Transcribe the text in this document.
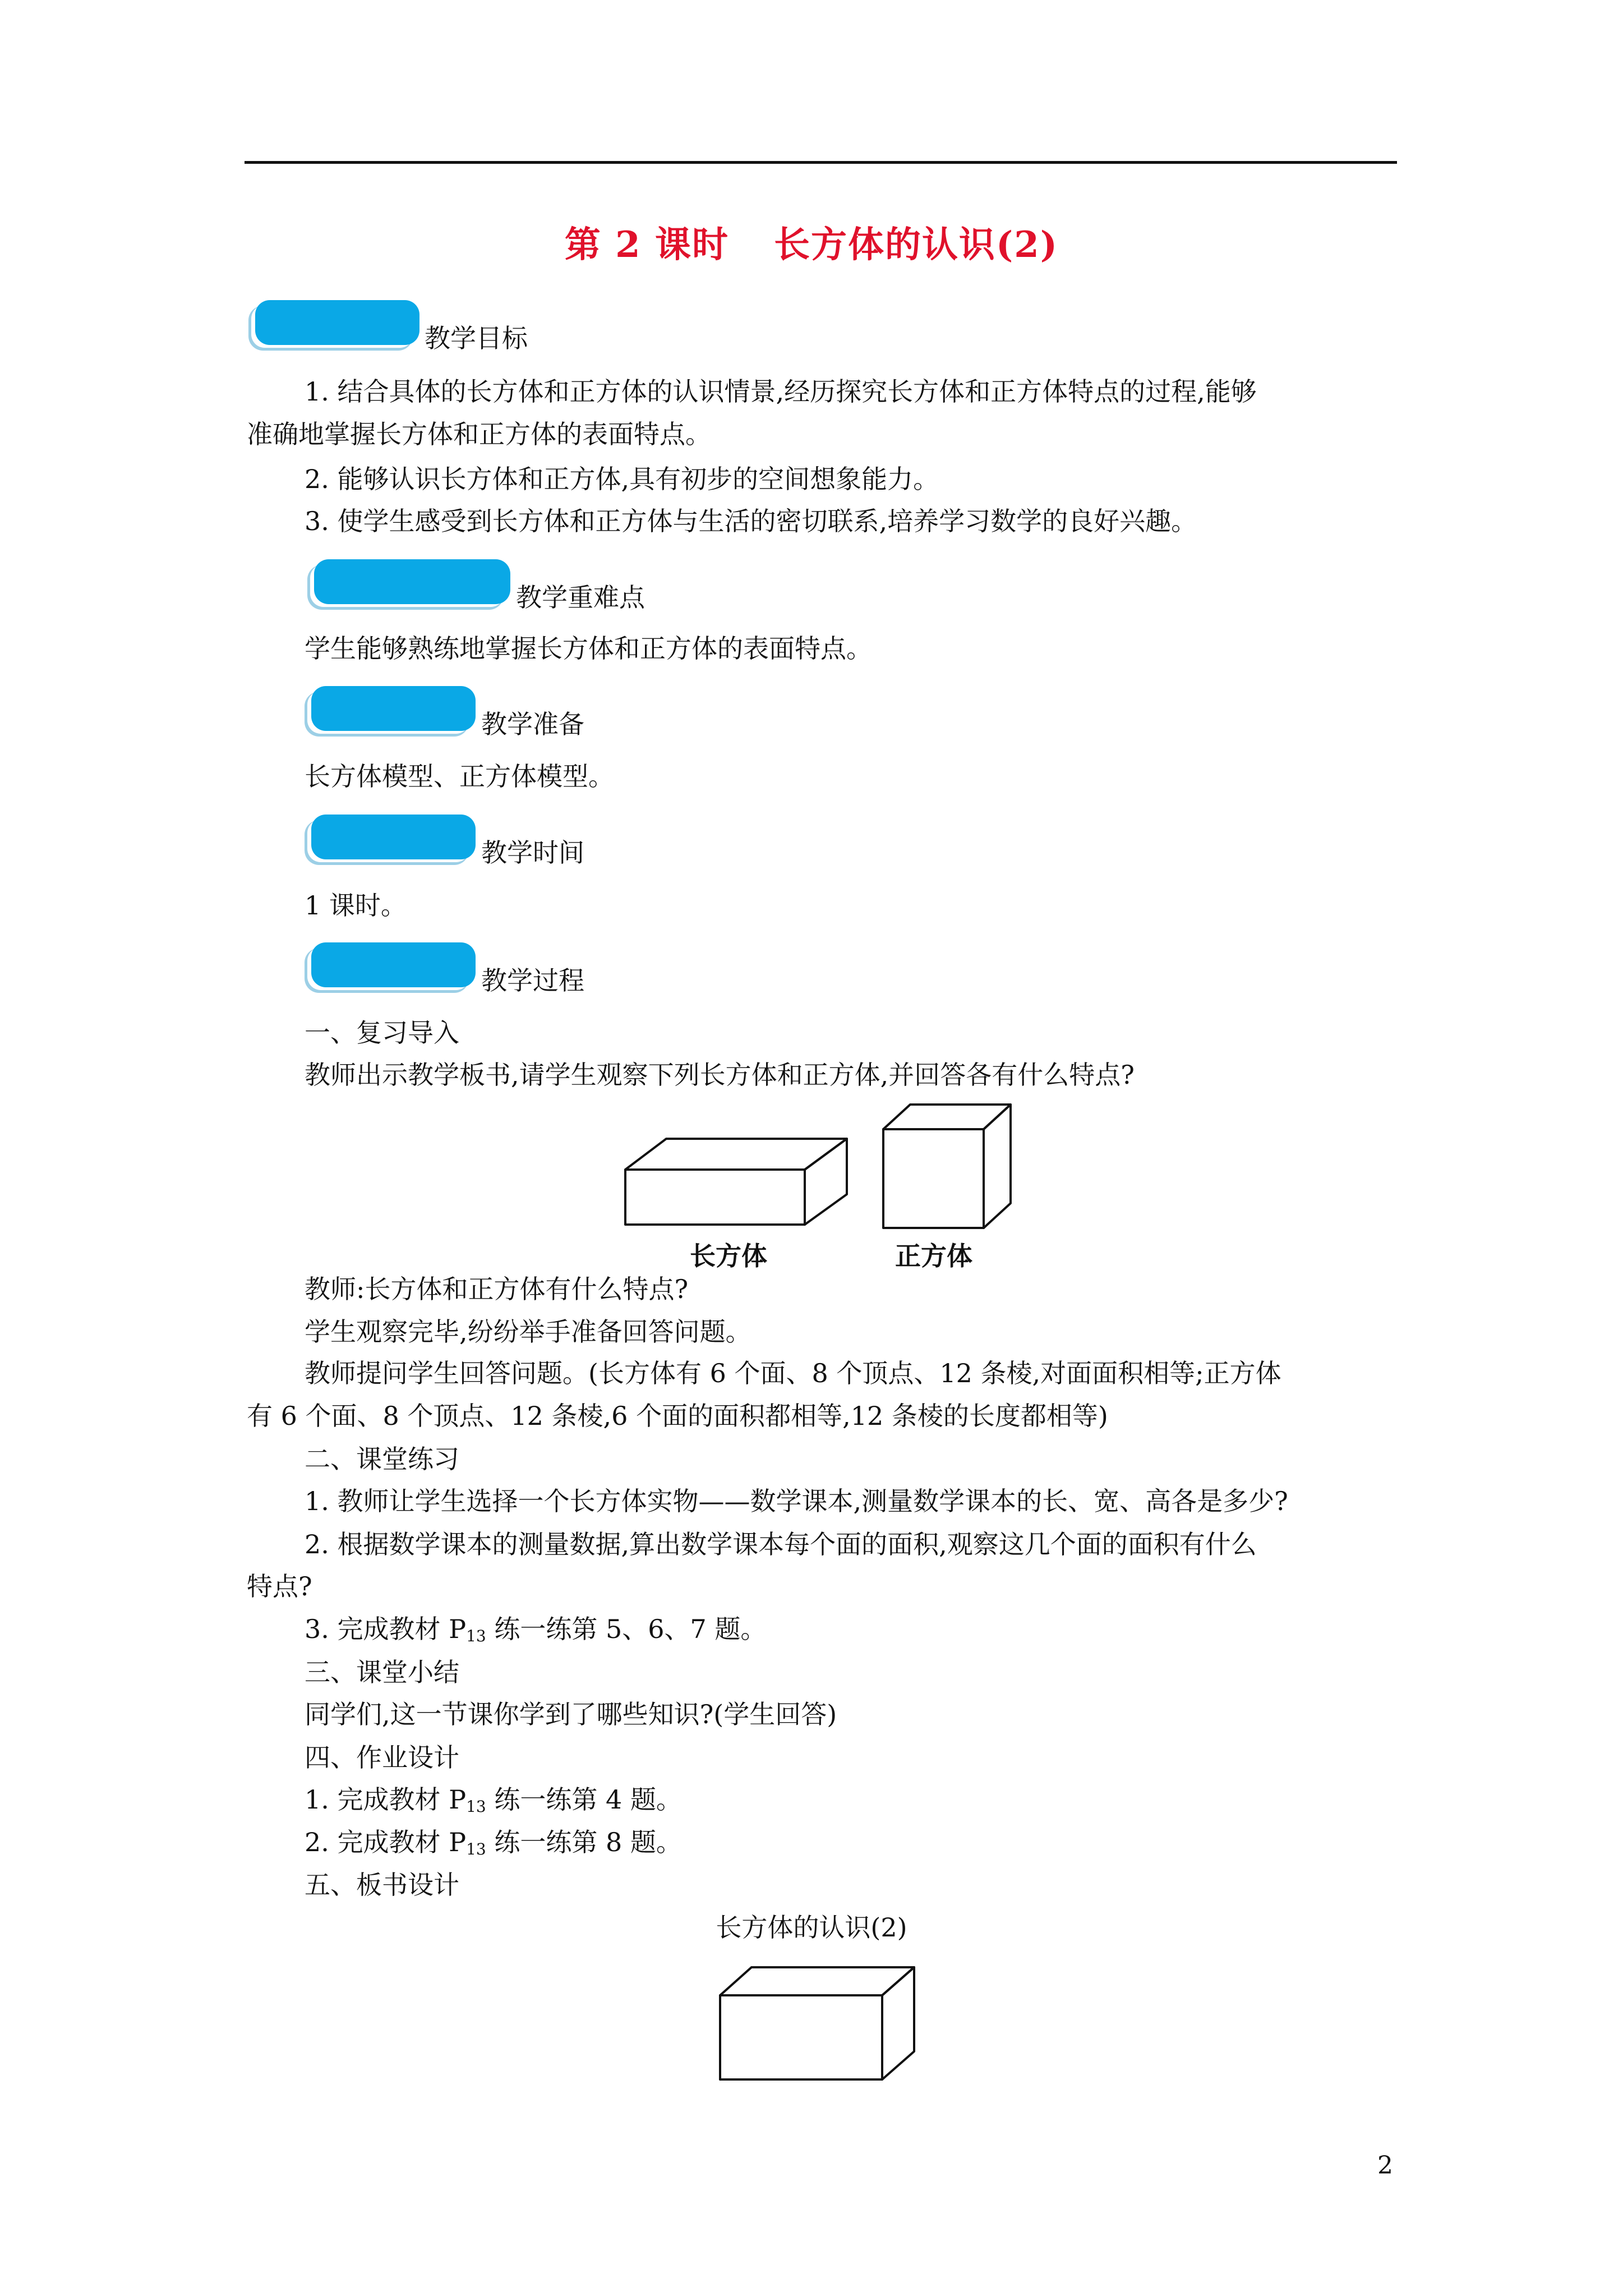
第 2 课时 长方体的认识(2)
教学目标
1. 结合具体的长方体和正方体的认识情景,经历探究长方体和正方体特点的过程,能够
准确地掌握长方体和正方体的表面特点。
2. 能够认识长方体和正方体,具有初步的空间想象能力。
3. 使学生感受到长方体和正方体与生活的密切联系,培养学习数学的良好兴趣。
教学重难点
学生能够熟练地掌握长方体和正方体的表面特点。
教学准备
长方体模型、正方体模型。
教学时间
1 课时。
教学过程
一、复习导入
教师出示教学板书,请学生观察下列长方体和正方体,并回答各有什么特点?
长方体	正方体
教师:长方体和正方体有什么特点?
学生观察完毕,纷纷举手准备回答问题。
教师提问学生回答问题。(长方体有 6 个面、8 个顶点、12 条棱,对面面积相等;正方体
有 6 个面、8 个顶点、12 条棱,6 个面的面积都相等,12 条棱的长度都相等)
二、课堂练习
1. 教师让学生选择一个长方体实物——数学课本,测量数学课本的长、宽、高各是多少?
2. 根据数学课本的测量数据,算出数学课本每个面的面积,观察这几个面的面积有什么
特点?
3. 完成教材 $P_{13}$ 练一练第 5、6、7 题。
三、课堂小结
同学们,这一节课你学到了哪些知识?(学生回答)
四、作业设计
1. 完成教材 $P_{13}$ 练一练第 4 题。
2. 完成教材 $P_{13}$ 练一练第 8 题。
五、板书设计
长方体的认识(2)
2
